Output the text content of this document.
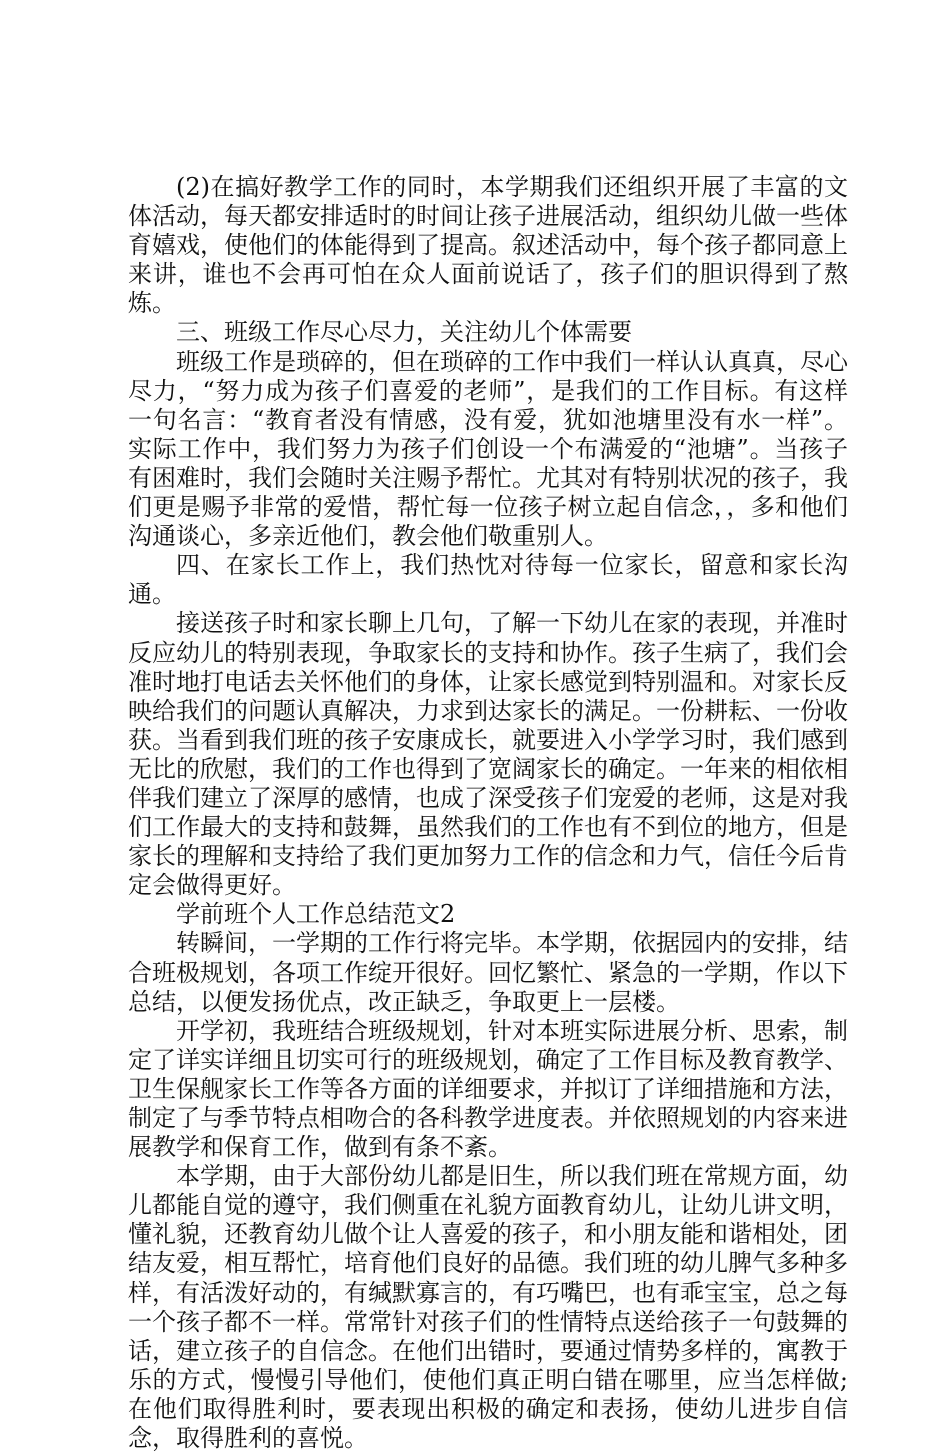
(2)在搞好教学工作的同时，本学期我们还组织开展了丰富的文体活动，每天都安排适时的时间让孩子进展活动，组织幼儿做一些体育嬉戏，使他们的体能得到了提高。叙述活动中，每个孩子都同意上来讲，谁也不会再可怕在众人面前说话了，孩子们的胆识得到了熬炼。

三、班级工作尽心尽力，关注幼儿个体需要

班级工作是琐碎的，但在琐碎的工作中我们一样认认真真，尽心尽力，“努力成为孩子们喜爱的老师”，是我们的工作目标。有这样一句名言：“教育者没有情感，没有爱，犹如池塘里没有水一样”。实际工作中，我们努力为孩子们创设一个布满爱的“池塘”。当孩子有困难时，我们会随时关注赐予帮忙。尤其对有特别状况的孩子，我们更是赐予非常的爱惜，帮忙每一位孩子树立起自信念，，多和他们沟通谈心，多亲近他们，教会他们敬重别人。

四、在家长工作上，我们热忱对待每一位家长，留意和家长沟通。

接送孩子时和家长聊上几句，了解一下幼儿在家的表现，并准时反应幼儿的特别表现，争取家长的支持和协作。孩子生病了，我们会准时地打电话去关怀他们的身体，让家长感觉到特别温和。对家长反映给我们的问题认真解决，力求到达家长的满足。一份耕耘、一份收获。当看到我们班的孩子安康成长，就要进入小学学习时，我们感到无比的欣慰，我们的工作也得到了宽阔家长的确定。一年来的相依相伴我们建立了深厚的感情，也成了深受孩子们宠爱的老师，这是对我们工作最大的支持和鼓舞，虽然我们的工作也有不到位的地方，但是家长的理解和支持给了我们更加努力工作的信念和力气，信任今后肯定会做得更好。

学前班个人工作总结范文2

转瞬间，一学期的工作行将完毕。本学期，依据园内的安排，结合班极规划，各项工作绽开很好。回忆繁忙、紧急的一学期，作以下总结，以便发扬优点，改正缺乏，争取更上一层楼。

开学初，我班结合班级规划，针对本班实际进展分析、思索，制定了详实详细且切实可行的班级规划，确定了工作目标及教育教学、卫生保舰家长工作等各方面的详细要求，并拟订了详细措施和方法，制定了与季节特点相吻合的各科教学进度表。并依照规划的内容来进展教学和保育工作，做到有条不紊。

本学期，由于大部份幼儿都是旧生，所以我们班在常规方面，幼儿都能自觉的遵守，我们侧重在礼貌方面教育幼儿，让幼儿讲文明，懂礼貌，还教育幼儿做个让人喜爱的孩子，和小朋友能和谐相处，团结友爱，相互帮忙，培育他们良好的品德。我们班的幼儿脾气多种多样，有活泼好动的，有缄默寡言的，有巧嘴巴，也有乖宝宝，总之每一个孩子都不一样。常常针对孩子们的性情特点送给孩子一句鼓舞的话，建立孩子的自信念。在他们出错时，要通过情势多样的，寓教于乐的方式，慢慢引导他们，使他们真正明白错在哪里，应当怎样做;在他们取得胜利时，要表现出积极的确定和表扬，使幼儿进步自信念，取得胜利的喜悦。
